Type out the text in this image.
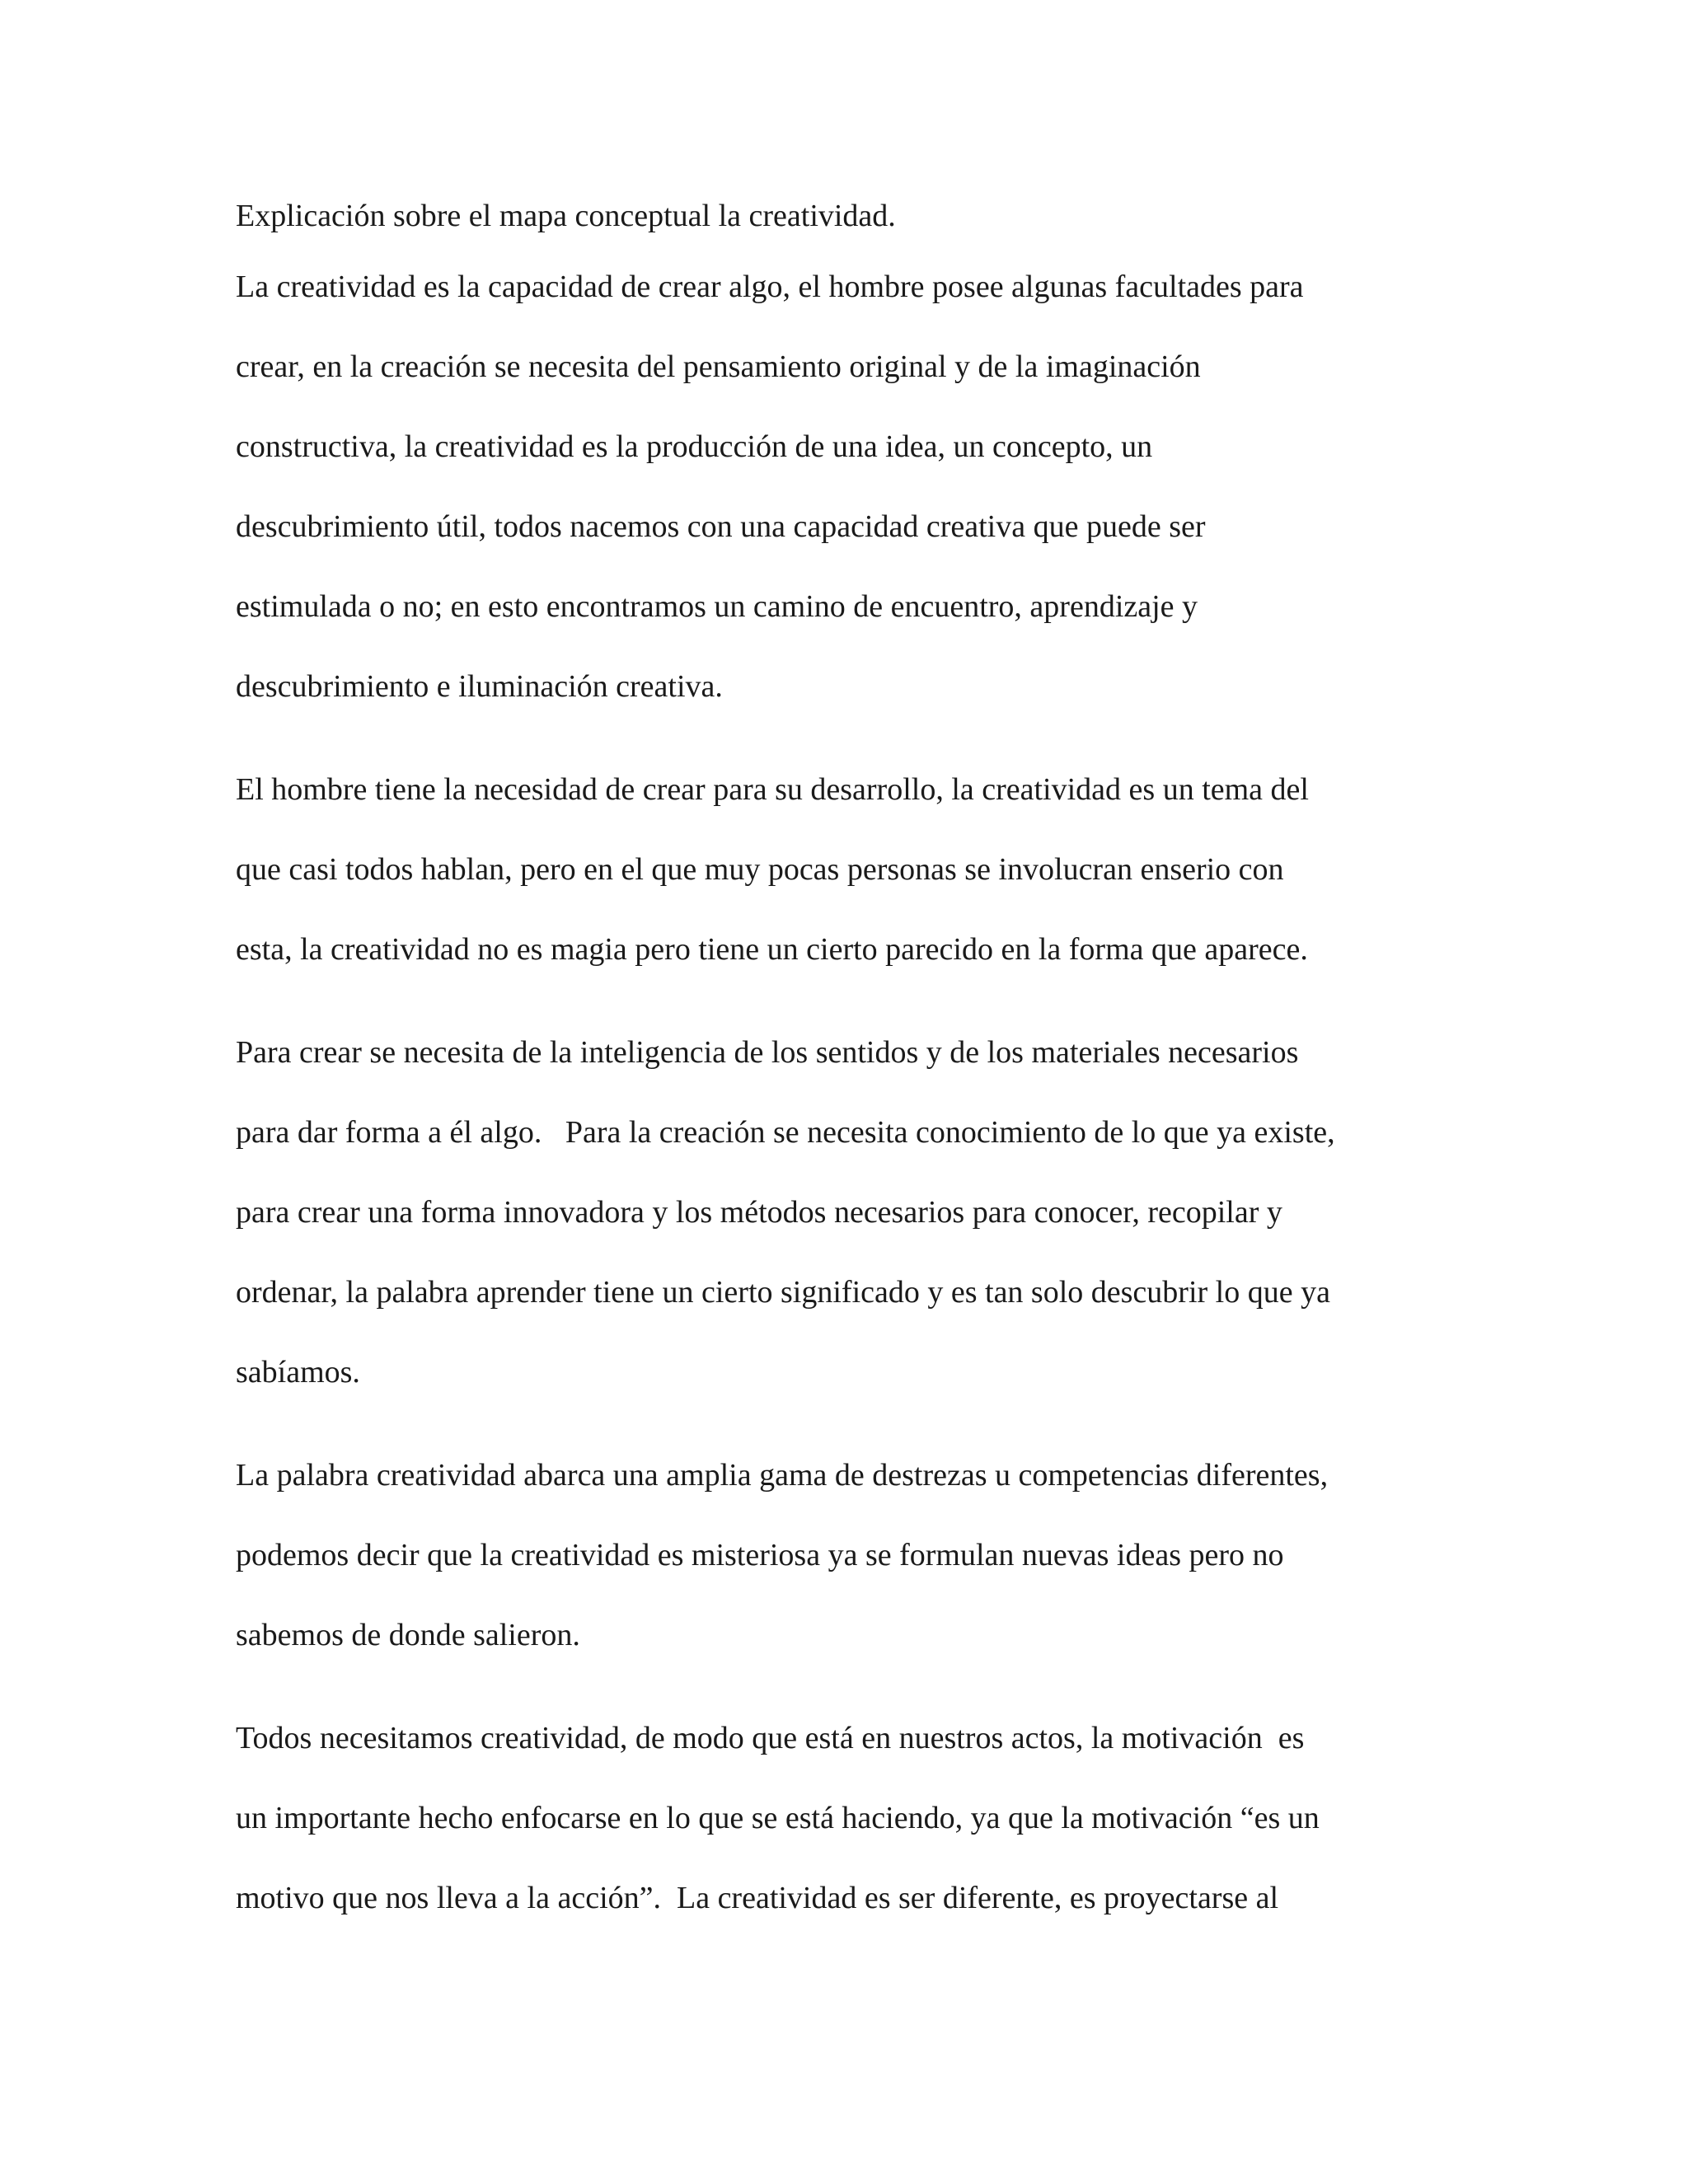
Explicación sobre el mapa conceptual la creatividad.

La creatividad es la capacidad de crear algo, el hombre posee algunas facultades para
crear, en la creación se necesita del pensamiento original y de la imaginación
constructiva, la creatividad es la producción de una idea, un concepto, un
descubrimiento útil, todos nacemos con una capacidad creativa que puede ser
estimulada o no; en esto encontramos un camino de encuentro, aprendizaje y
descubrimiento e iluminación creativa.
El hombre tiene la necesidad de crear para su desarrollo, la creatividad es un tema del
que casi todos hablan, pero en el que muy pocas personas se involucran enserio con
esta, la creatividad no es magia pero tiene un cierto parecido en la forma que aparece.
Para crear se necesita de la inteligencia de los sentidos y de los materiales necesarios
para dar forma a él algo.   Para la creación se necesita conocimiento de lo que ya existe,
para crear una forma innovadora y los métodos necesarios para conocer, recopilar y
ordenar, la palabra aprender tiene un cierto significado y es tan solo descubrir lo que ya
sabíamos.
La palabra creatividad abarca una amplia gama de destrezas u competencias diferentes,
podemos decir que la creatividad es misteriosa ya se formulan nuevas ideas pero no
sabemos de donde salieron.
Todos necesitamos creatividad, de modo que está en nuestros actos, la motivación  es
un importante hecho enfocarse en lo que se está haciendo, ya que la motivación “es un
motivo que nos lleva a la acción”.  La creatividad es ser diferente, es proyectarse al
